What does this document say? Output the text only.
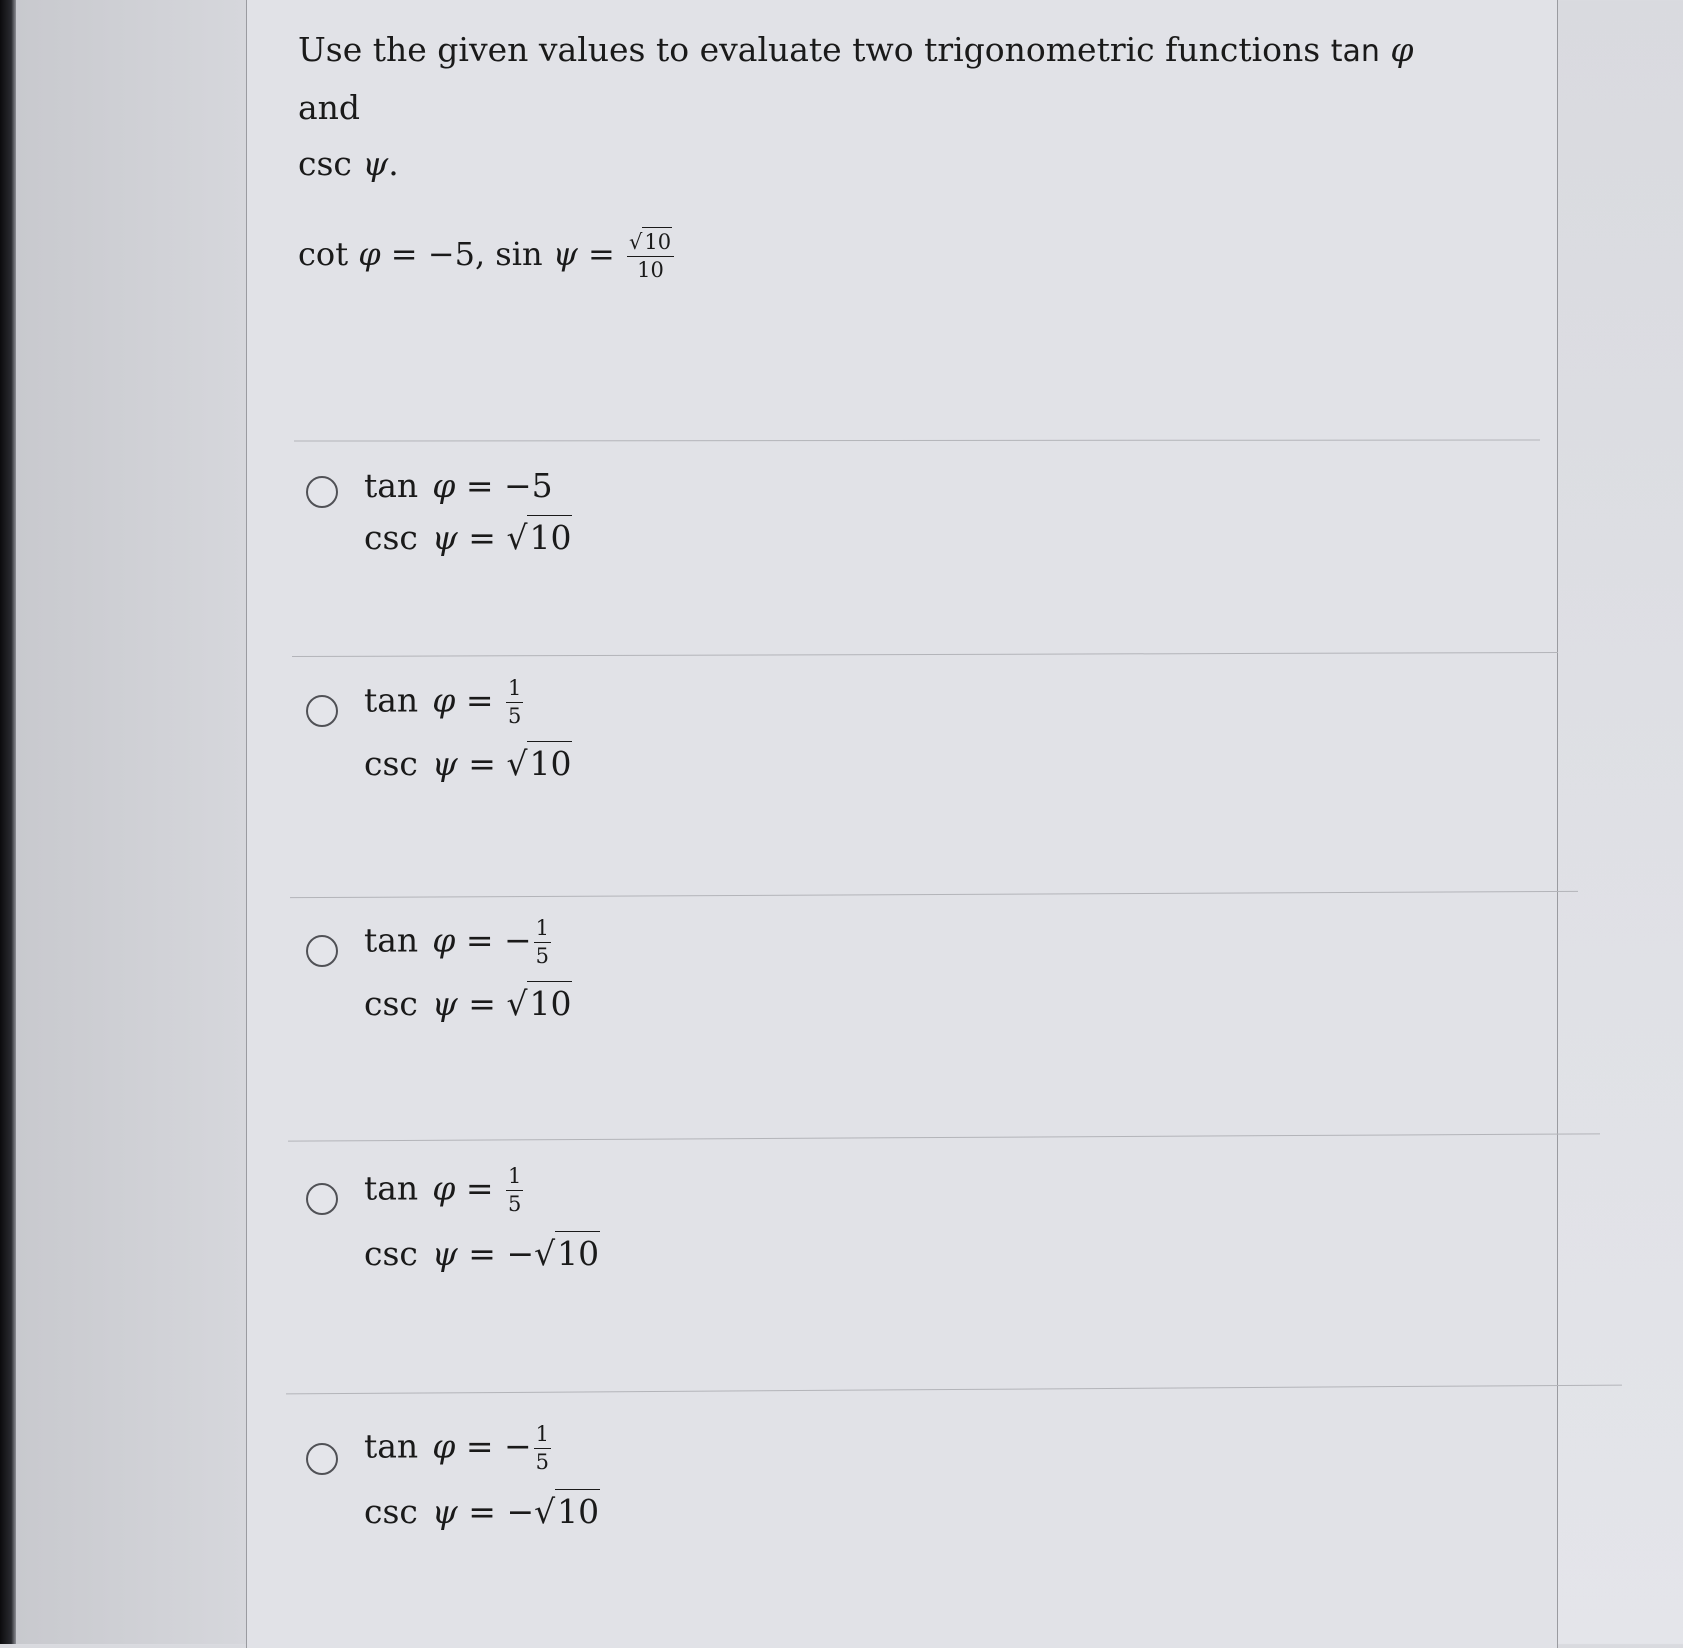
Use the given values to evaluate two trigonometric functions tan φ and
csc ψ.
cot φ = −5, $\sin \psi = \frac{√10}{10}$
tan φ = −5
csc ψ = √10
$\tan \varphi = \frac{1}{5}$
csc ψ = √10
tan φ = − $\frac{1}{5}$
csc ψ = √10
$\tan \varphi = \frac{1}{5}$
csc ψ = −√10
tan φ = − $\frac{1}{5}$
csc ψ = −√10
